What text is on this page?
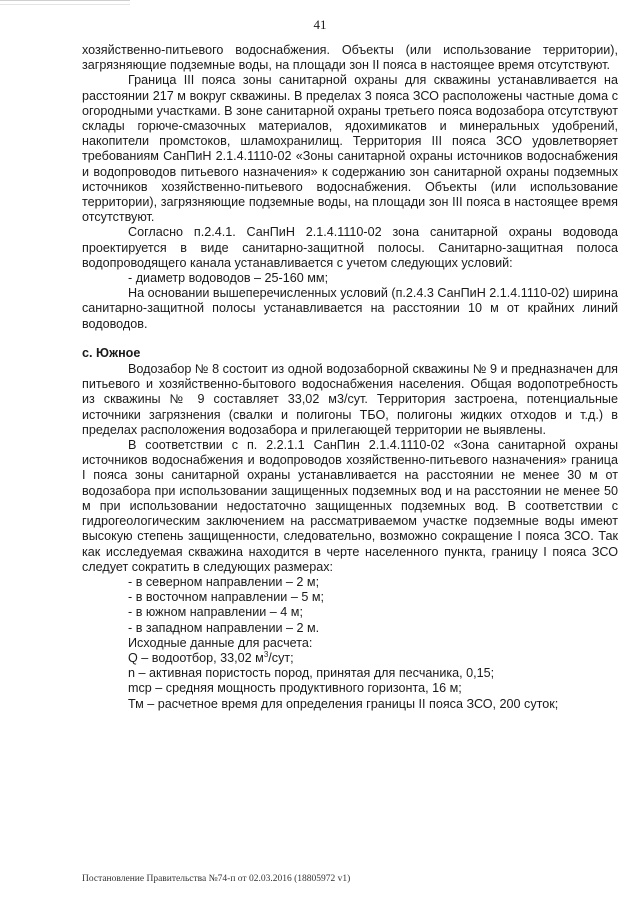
41

хозяйственно-питьевого водоснабжения. Объекты (или использование территории), загрязняющие подземные воды, на площади зон II пояса в настоящее время отсутствуют.

Граница III пояса зоны санитарной охраны для скважины устанавливается на расстоянии 217 м вокруг скважины. В пределах 3 пояса ЗСО расположены частные дома с огородными участками. В зоне санитарной охраны третьего пояса водозабора отсутствуют склады горюче-смазочных материалов, ядохимикатов и минеральных удобрений, накопители промстоков, шламохранилищ. Территория III пояса ЗСО удовлетворяет требованиям СанПиН 2.1.4.1110-02 «Зоны санитарной охраны источников водоснабжения и водопроводов питьевого назначения» к содержанию зон санитарной охраны подземных источников хозяйственно-питьевого водоснабжения. Объекты (или использование территории), загрязняющие подземные воды, на площади зон III пояса в настоящее время отсутствуют.

Согласно п.2.4.1. СанПиН 2.1.4.1110-02 зона санитарной охраны водовода проектируется в виде санитарно-защитной полосы. Санитарно-защитная полоса водопроводящего канала устанавливается с учетом следующих условий:

- диаметр водоводов – 25-160 мм;

На основании вышеперечисленных условий (п.2.4.3 СанПиН 2.1.4.1110-02) ширина санитарно-защитной полосы устанавливается на расстоянии 10 м от крайних линий водоводов.

с. Южное

Водозабор № 8 состоит из одной водозаборной скважины № 9 и предназначен для питьевого и хозяйственно-бытового водоснабжения населения. Общая водопотребность из скважины № 9 составляет 33,02 м3/сут. Территория застроена, потенциальные источники загрязнения (свалки и полигоны ТБО, полигоны жидких отходов и т.д.) в пределах расположения водозабора и прилегающей территории не выявлены.

В соответствии с п. 2.2.1.1 СанПин 2.1.4.1110-02 «Зона санитарной охраны источников водоснабжения и водопроводов хозяйственно-питьевого назначения» граница I пояса зоны санитарной охраны устанавливается на расстоянии не менее 30 м от водозабора при использовании защищенных подземных вод и на расстоянии не менее 50 м при использовании недостаточно защищенных подземных вод. В соответствии с гидрогеологическим заключением на рассматриваемом участке подземные воды имеют высокую степень защищенности, следовательно, возможно сокращение I пояса ЗСО. Так как исследуемая скважина находится в черте населенного пункта, границу I пояса ЗСО следует сократить в следующих размерах:

- в северном направлении – 2 м;

- в восточном направлении – 5 м;

- в южном направлении – 4 м;

- в западном направлении – 2 м.

Исходные данные для расчета:

Q – водоотбор, 33,02 $м^3$/сут;

n – активная пористость пород, принятая для песчаника, 0,15;

mср – средняя мощность продуктивного горизонта, 16 м;

Тм – расчетное время для определения границы II пояса ЗСО, 200 суток;

Постановление Правительства №74-п от 02.03.2016 (18805972 v1)
